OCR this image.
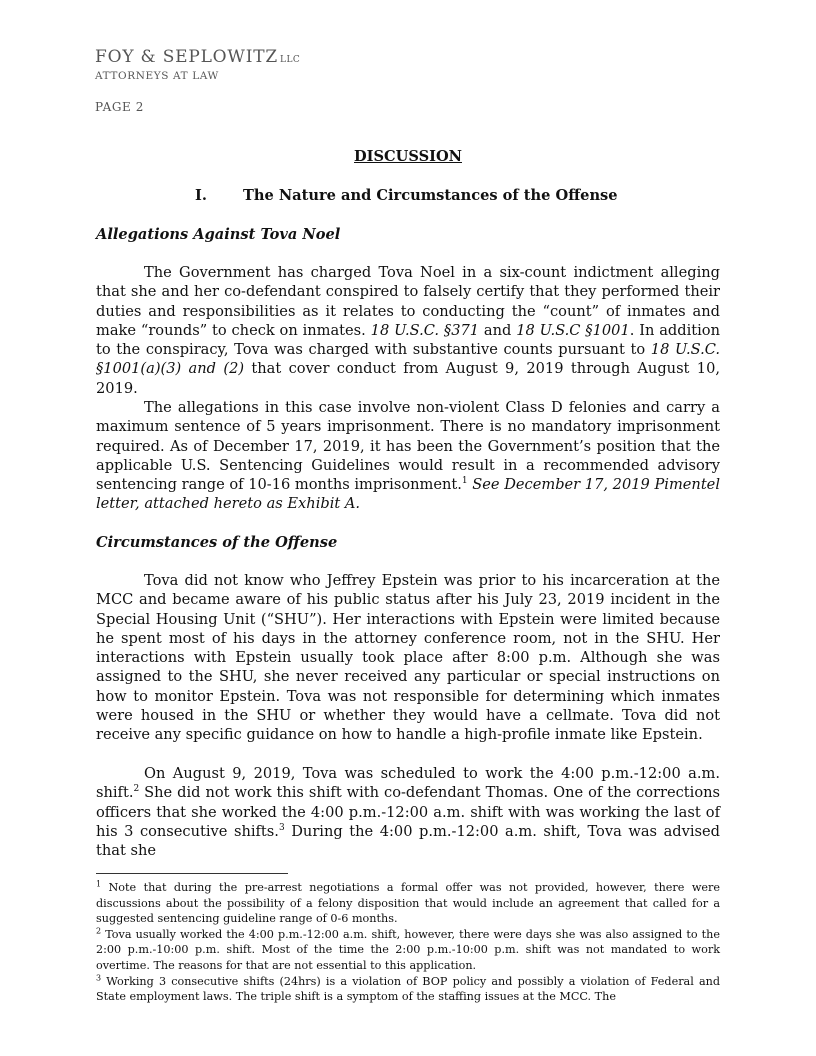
FOY & SEPLOWITZ LLC
ATTORNEYS AT LAW
PAGE 2
DISCUSSION
I. The Nature and Circumstances of the Offense
Allegations Against Tova Noel

The Government has charged Tova Noel in a six-count indictment alleging that she and her co-defendant conspired to falsely certify that they performed their duties and responsibilities as it relates to conducting the “count” of inmates and make “rounds” to check on inmates. 18 U.S.C. §371 and 18 U.S.C §1001. In addition to the conspiracy, Tova was charged with substantive counts pursuant to 18 U.S.C. §1001(a)(3) and (2) that cover conduct from August 9, 2019 through August 10, 2019.

The allegations in this case involve non-violent Class D felonies and carry a maximum sentence of 5 years imprisonment. There is no mandatory imprisonment required. As of December 17, 2019, it has been the Government’s position that the applicable U.S. Sentencing Guidelines would result in a recommended advisory sentencing range of 10-16 months imprisonment.$^1$ See December 17, 2019 Pimentel letter, attached hereto as Exhibit A.

Circumstances of the Offense

Tova did not know who Jeffrey Epstein was prior to his incarceration at the MCC and became aware of his public status after his July 23, 2019 incident in the Special Housing Unit (“SHU”). Her interactions with Epstein were limited because he spent most of his days in the attorney conference room, not in the SHU. Her interactions with Epstein usually took place after 8:00 p.m. Although she was assigned to the SHU, she never received any particular or special instructions on how to monitor Epstein. Tova was not responsible for determining which inmates were housed in the SHU or whether they would have a cellmate. Tova did not receive any specific guidance on how to handle a high-profile inmate like Epstein.

On August 9, 2019, Tova was scheduled to work the 4:00 p.m.-12:00 a.m. shift.$^2$ She did not work this shift with co-defendant Thomas. One of the corrections officers that she worked the 4:00 p.m.-12:00 a.m. shift with was working the last of his 3 consecutive shifts.$^3$ During the 4:00 p.m.-12:00 a.m. shift, Tova was advised that she

$^1$ Note that during the pre-arrest negotiations a formal offer was not provided, however, there were discussions about the possibility of a felony disposition that would include an agreement that called for a suggested sentencing guideline range of 0-6 months.

$^2$ Tova usually worked the 4:00 p.m.-12:00 a.m. shift, however, there were days she was also assigned to the 2:00 p.m.-10:00 p.m. shift. Most of the time the 2:00 p.m.-10:00 p.m. shift was not mandated to work overtime. The reasons for that are not essential to this application.

$^3$ Working 3 consecutive shifts (24hrs) is a violation of BOP policy and possibly a violation of Federal and State employment laws. The triple shift is a symptom of the staffing issues at the MCC. The
